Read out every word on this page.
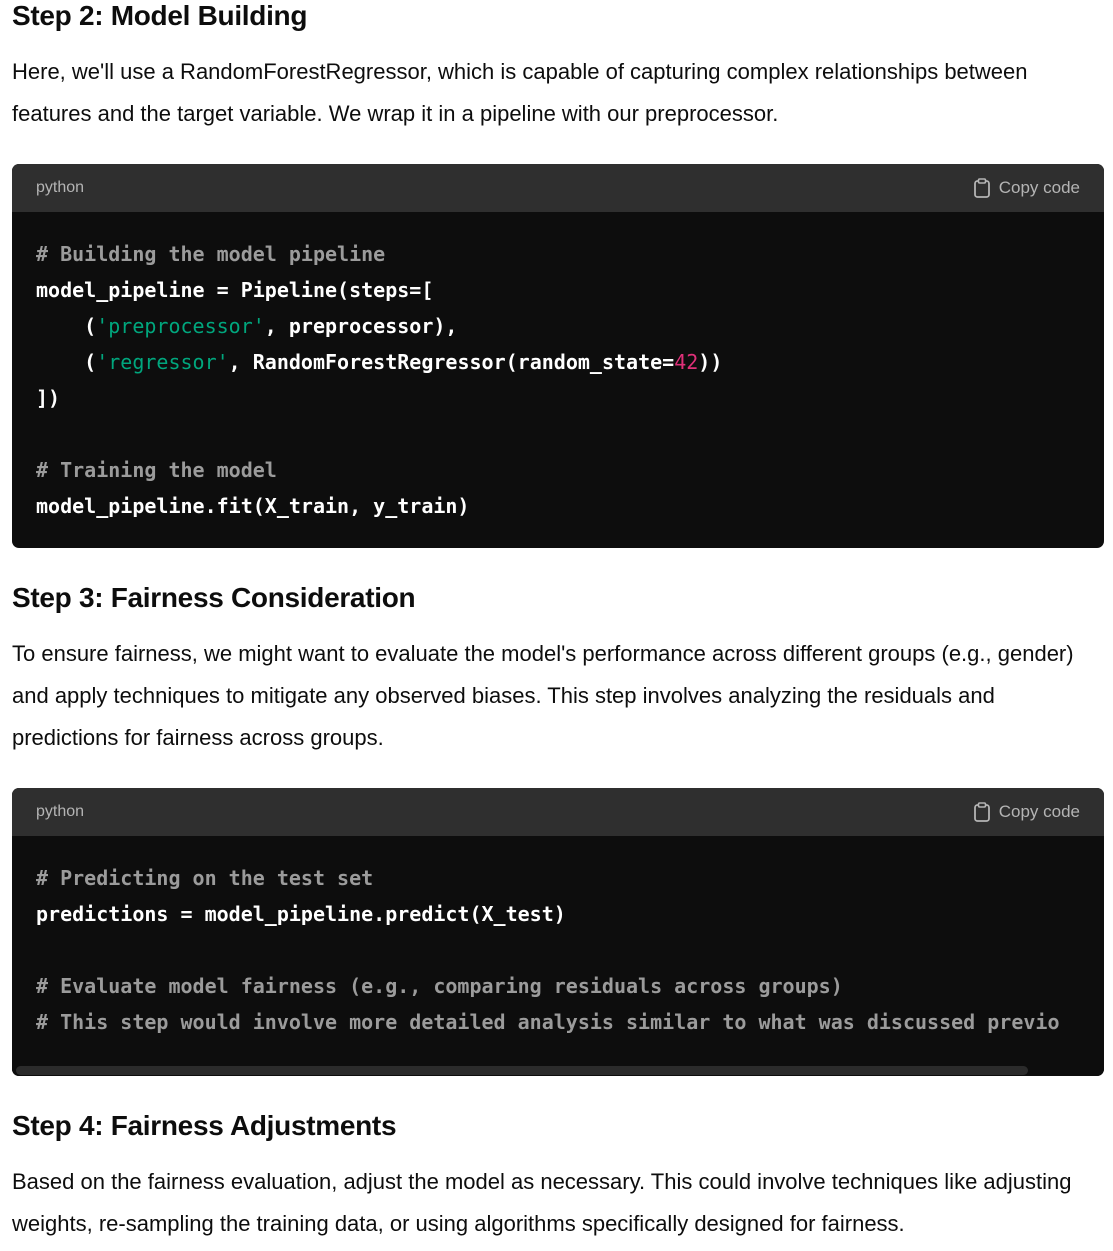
Step 2: Model Building

Here, we'll use a RandomForestRegressor, which is capable of capturing complex relationships between features and the target variable. We wrap it in a pipeline with our preprocessor.

python	Copy code
# Building the model pipeline
model_pipeline = Pipeline(steps=[
('preprocessor', preprocessor),
('regressor', RandomForestRegressor(random_state=42))
])
# Training the model
model_pipeline.fit(X_train, y_train)
Step 3: Fairness Consideration

To ensure fairness, we might want to evaluate the model's performance across different groups (e.g., gender) and apply techniques to mitigate any observed biases. This step involves analyzing the residuals and predictions for fairness across groups.

python	Copy code
# Predicting on the test set
predictions = model_pipeline.predict(X_test)
# Evaluate model fairness (e.g., comparing residuals across groups)
# This step would involve more detailed analysis similar to what was discussed previo
Step 4: Fairness Adjustments

Based on the fairness evaluation, adjust the model as necessary. This could involve techniques like adjusting weights, re-sampling the training data, or using algorithms specifically designed for fairness.
